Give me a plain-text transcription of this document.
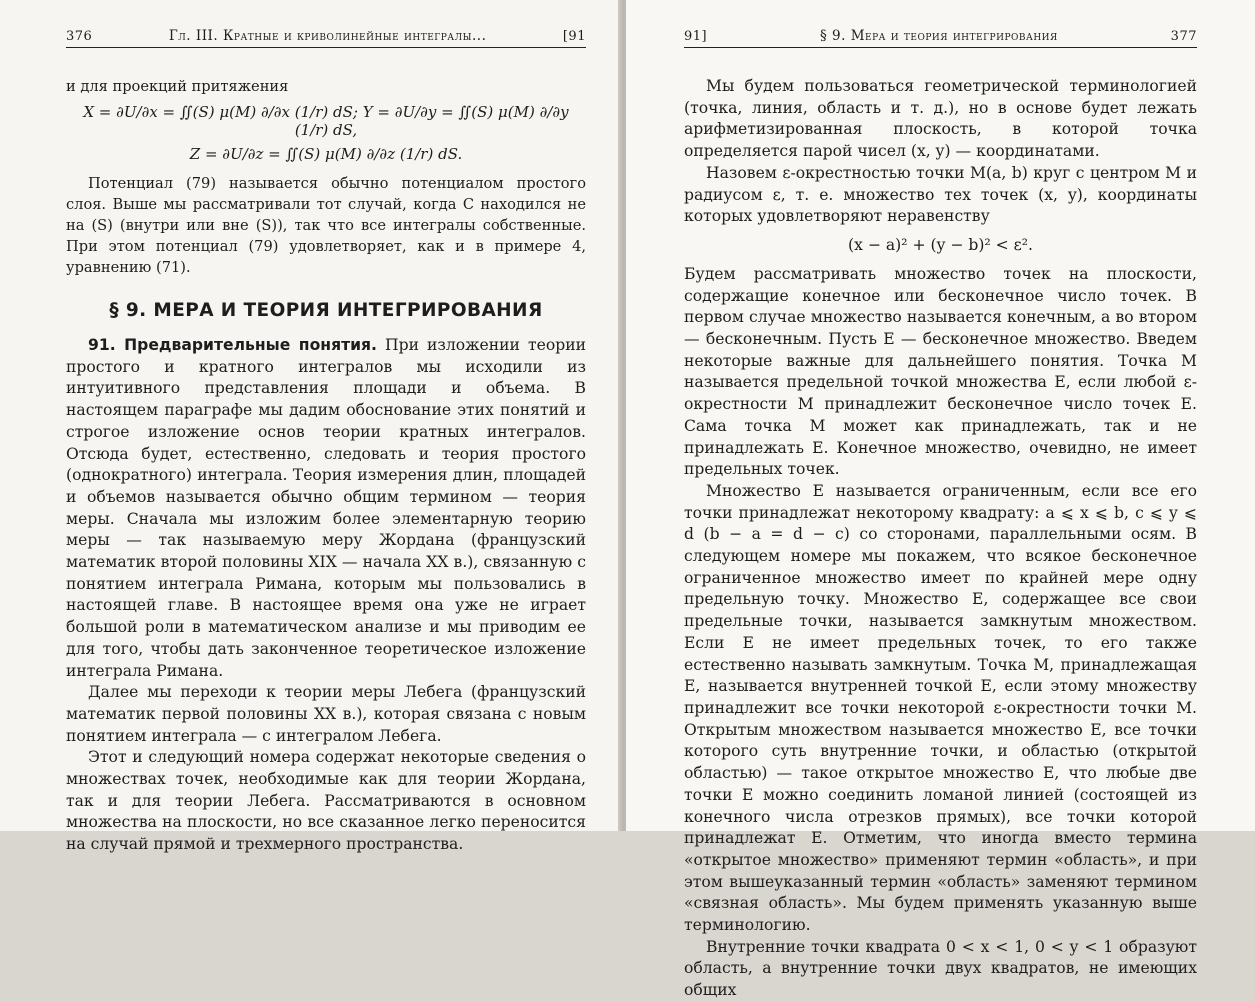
376	Гл. III. Кратные и криволинейные интегралы...	[91

и для проекций притяжения

X = ∂U/∂x = ∬(S) μ(M) ∂/∂x (1/r) dS; Y = ∂U/∂y = ∬(S) μ(M) ∂/∂y (1/r) dS,
Z = ∂U/∂z = ∬(S) μ(M) ∂/∂z (1/r) dS.

Потенциал (79) называется обычно потенциалом простого слоя. Выше мы рассматривали тот случай, когда C находился не на (S) (внутри или вне (S)), так что все интегралы собственные. При этом потенциал (79) удовлетворяет, как и в примере 4, уравнению (71).

§ 9. МЕРА И ТЕОРИЯ ИНТЕГРИРОВАНИЯ

91. Предварительные понятия. При изложении теории простого и кратного интегралов мы исходили из интуитивного представления площади и объема. В настоящем параграфе мы дадим обоснование этих понятий и строгое изложение основ теории кратных интегралов. Отсюда будет, естественно, следовать и теория простого (однократного) интеграла. Теория измерения длин, площадей и объемов называется обычно общим термином — теория меры. Сначала мы изложим более элементарную теорию меры — так называемую меру Жордана (французский математик второй половины XIX — начала XX в.), связанную с понятием интеграла Римана, которым мы пользовались в настоящей главе. В настоящее время она уже не играет большой роли в математическом анализе и мы приводим ее для того, чтобы дать законченное теоретическое изложение интеграла Римана.

Далее мы переходи к теории меры Лебега (французский математик первой половины XX в.), которая связана с новым понятием интеграла — с интегралом Лебега.

Этот и следующий номера содержат некоторые сведения о множествах точек, необходимые как для теории Жордана, так и для теории Лебега. Рассматриваются в основном множества на плоскости, но все сказанное легко переносится на случай прямой и трехмерного пространства.

91]	§ 9. Мера и теория интегрирования	377

Мы будем пользоваться геометрической терминологией (точка, линия, область и т. д.), но в основе будет лежать арифметизированная плоскость, в которой точка определяется парой чисел (x, y) — координатами.

Назовем ε-окрестностью точки M(a, b) круг с центром M и радиусом ε, т. е. множество тех точек (x, y), координаты которых удовлетворяют неравенству

(x − a)² + (y − b)² < ε².

Будем рассматривать множество точек на плоскости, содержащие конечное или бесконечное число точек. В первом случае множество называется конечным, а во втором — бесконечным. Пусть E — бесконечное множество. Введем некоторые важные для дальнейшего понятия. Точка M называется предельной точкой множества E, если любой ε-окрестности M принадлежит бесконечное число точек E. Сама точка M может как принадлежать, так и не принадлежать E. Конечное множество, очевидно, не имеет предельных точек.

Множество E называется ограниченным, если все его точки принадлежат некоторому квадрату: a ⩽ x ⩽ b, c ⩽ y ⩽ d (b − a = d − c) со сторонами, параллельными осям. В следующем номере мы покажем, что всякое бесконечное ограниченное множество имеет по крайней мере одну предельную точку. Множество E, содержащее все свои предельные точки, называется замкнутым множеством. Если E не имеет предельных точек, то его также естественно называть замкнутым. Точка M, принадлежащая E, называется внутренней точкой E, если этому множеству принадлежит все точки некоторой ε-окрестности точки M. Открытым множеством называется множество E, все точки которого суть внутренние точки, и областью (открытой областью) — такое открытое множество E, что любые две точки E можно соединить ломаной линией (состоящей из конечного числа отрезков прямых), все точки которой принадлежат E. Отметим, что иногда вместо термина «открытое множество» применяют термин «область», и при этом вышеуказанный термин «область» заменяют термином «связная область». Мы будем применять указанную выше терминологию.

Внутренние точки квадрата 0 < x < 1, 0 < y < 1 образуют область, а внутренние точки двух квадратов, не имеющих общих
